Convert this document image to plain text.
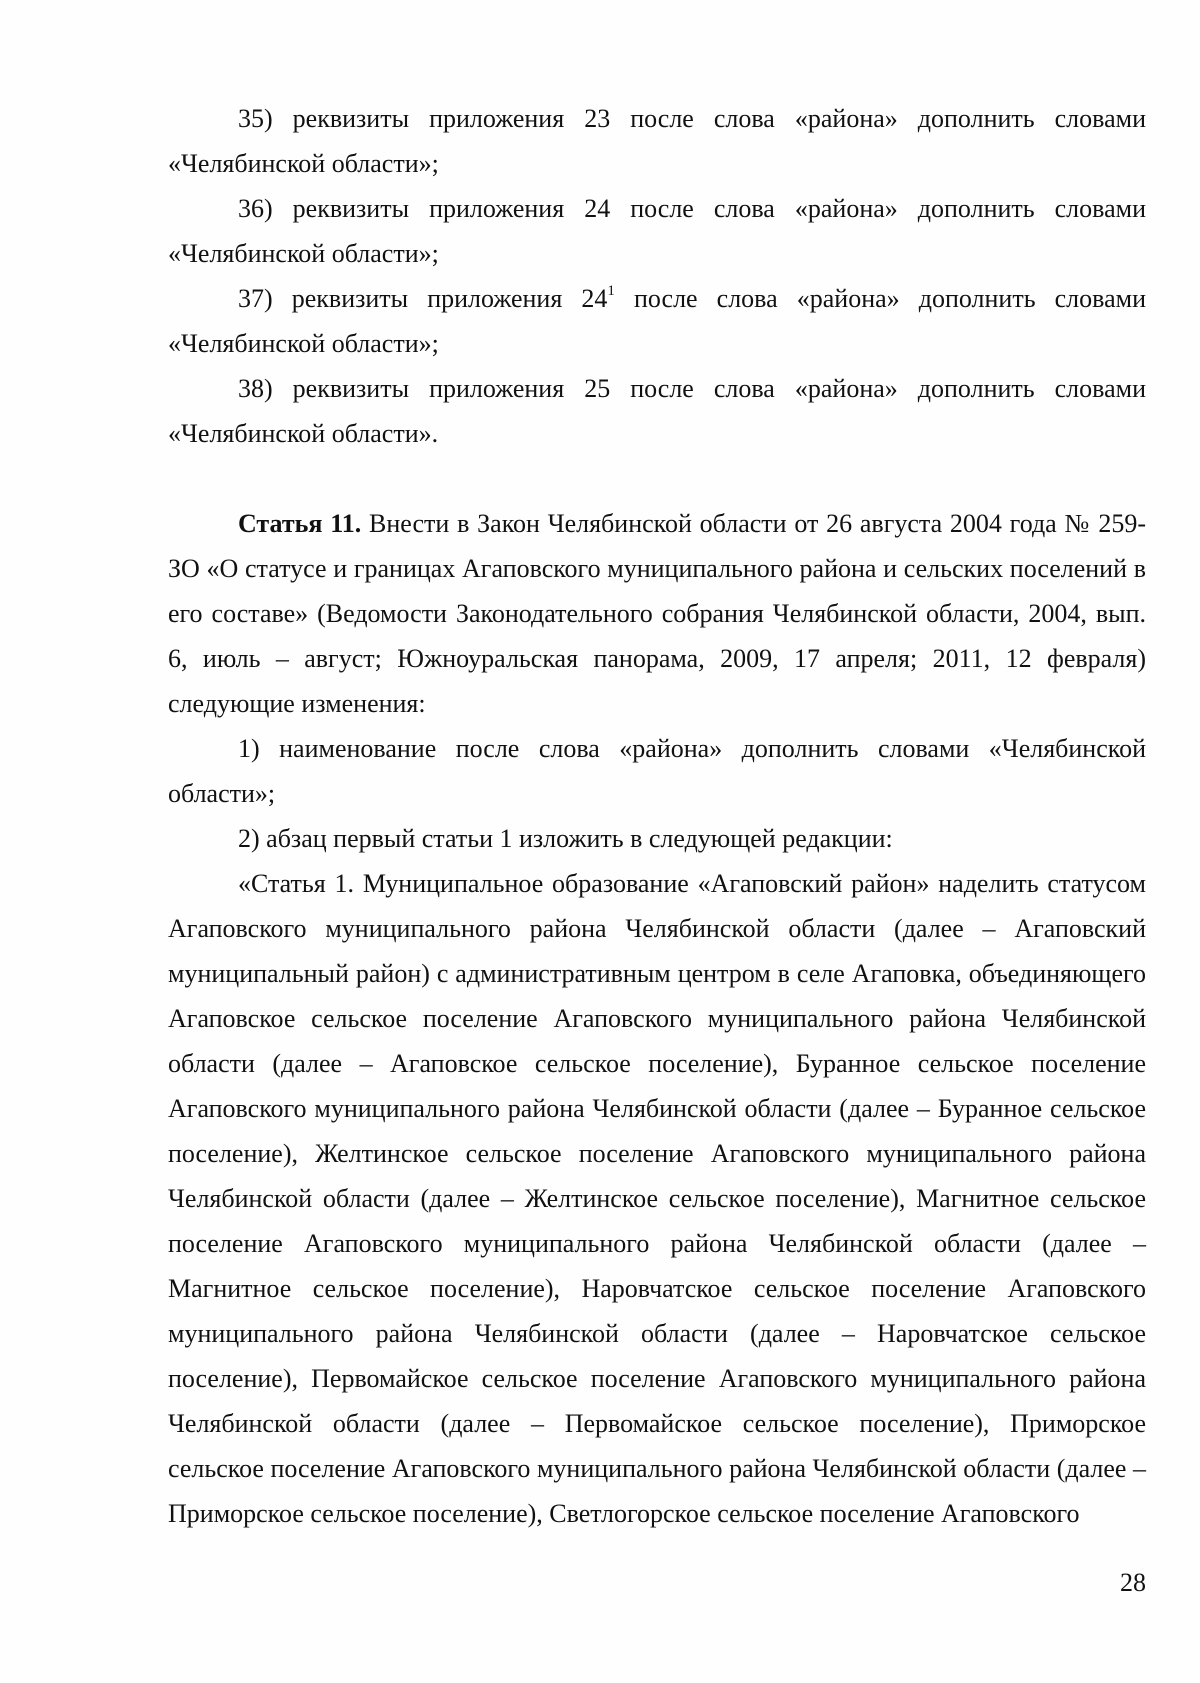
35) реквизиты приложения 23 после слова «района» дополнить словами «Челябинской области»;

36) реквизиты приложения 24 после слова «района» дополнить словами «Челябинской области»;

37) реквизиты приложения $24^1$ после слова «района» дополнить словами «Челябинской области»;

38) реквизиты приложения 25 после слова «района» дополнить словами «Челябинской области».

Статья 11. Внести в Закон Челябинской области от 26 августа 2004 года № 259-ЗО «О статусе и границах Агаповского муниципального района и сельских поселений в его составе» (Ведомости Законодательного собрания Челябинской области, 2004, вып. 6, июль – август; Южноуральская панорама, 2009, 17 апреля; 2011, 12 февраля) следующие изменения:

1) наименование после слова «района» дополнить словами «Челябинской области»;

2) абзац первый статьи 1 изложить в следующей редакции:

«Статья 1. Муниципальное образование «Агаповский район» наделить статусом Агаповского муниципального района Челябинской области (далее – Агаповский муниципальный район) с административным центром в селе Агаповка, объединяющего Агаповское сельское поселение Агаповского муниципального района Челябинской области (далее – Агаповское сельское поселение), Буранное сельское поселение Агаповского муниципального района Челябинской области (далее – Буранное сельское поселение), Желтинское сельское поселение Агаповского муниципального района Челябинской области (далее – Желтинское сельское поселение), Магнитное сельское поселение Агаповского муниципального района Челябинской области (далее – Магнитное сельское поселение), Наровчатское сельское поселение Агаповского муниципального района Челябинской области (далее – Наровчатское сельское поселение), Первомайское сельское поселение Агаповского муниципального района Челябинской области (далее – Первомайское сельское поселение), Приморское сельское поселение Агаповского муниципального района Челябинской области (далее – Приморское сельское поселение), Светлогорское сельское поселение Агаповского

28
